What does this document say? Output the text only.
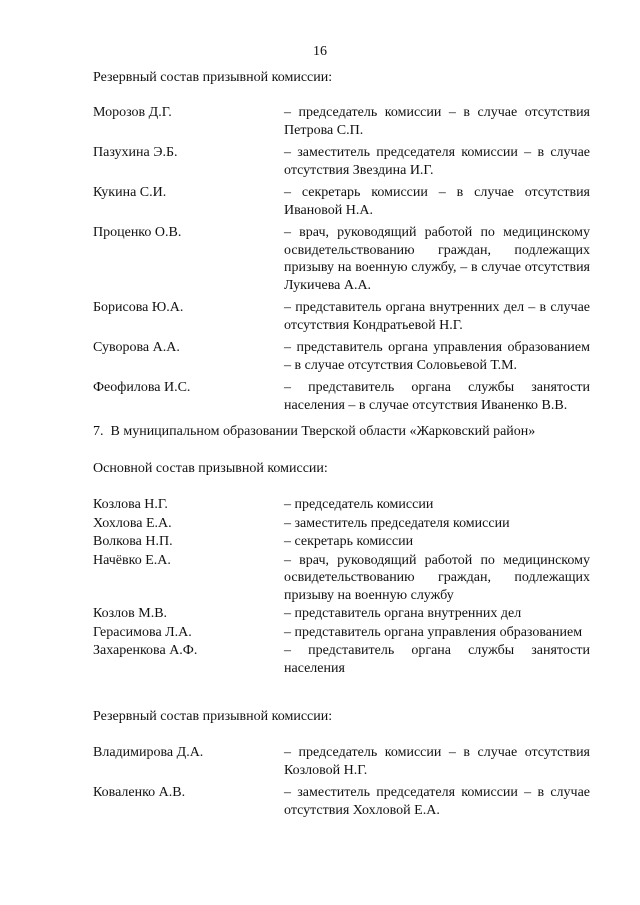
16
Резервный состав призывной комиссии:
Морозов Д.Г.	– председатель комиссии – в случае отсутствия Петрова С.П.
Пазухина Э.Б.	– заместитель председателя комиссии – в случае отсутствия Звездина И.Г.
Кукина С.И.	– секретарь комиссии – в случае отсутствия Ивановой Н.А.
Проценко О.В.	– врач, руководящий работой по медицинскому освидетельствованию граждан, подлежащих призыву на военную службу, – в случае отсутствия Лукичева А.А.
Борисова Ю.А.	– представитель органа внутренних дел – в случае отсутствия Кондратьевой Н.Г.
Суворова А.А.	– представитель органа управления образованием – в случае отсутствия Соловьевой Т.М.
Феофилова И.С.	– представитель органа службы занятости населения – в случае отсутствия Иваненко В.В.
7.  В муниципальном образовании Тверской области «Жарковский район»
Основной состав призывной комиссии:
Козлова Н.Г.	– председатель комиссии
Хохлова Е.А.	– заместитель председателя комиссии
Волкова Н.П.	– секретарь комиссии
Начёвко Е.А.	– врач, руководящий работой по медицинскому освидетельствованию граждан, подлежащих призыву на военную службу
Козлов М.В.	– представитель органа внутренних дел
Герасимова Л.А.	– представитель органа управления образованием
Захаренкова А.Ф.	– представитель органа службы занятости населения
Резервный состав призывной комиссии:
Владимирова Д.А.	– председатель комиссии – в случае отсутствия Козловой Н.Г.
Коваленко А.В.	– заместитель председателя комиссии – в случае отсутствия Хохловой Е.А.
